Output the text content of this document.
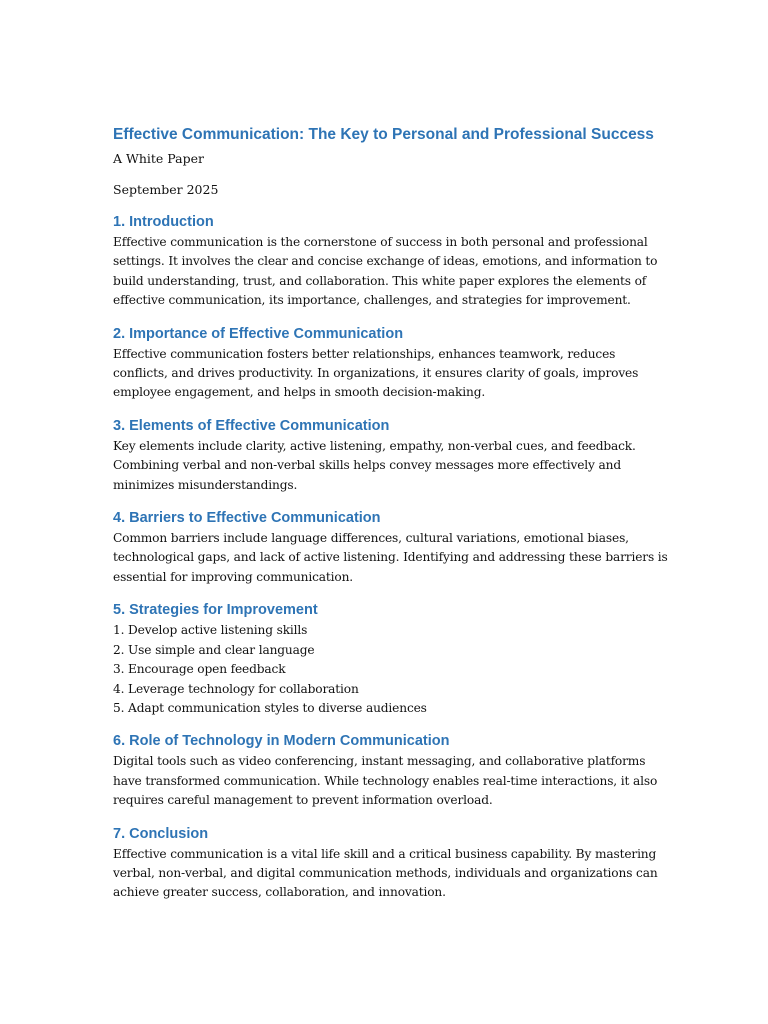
Effective Communication: The Key to Personal and Professional Success

A White Paper

September 2025

1. Introduction

Effective communication is the cornerstone of success in both personal and professional settings. It involves the clear and concise exchange of ideas, emotions, and information to build understanding, trust, and collaboration. This white paper explores the elements of effective communication, its importance, challenges, and strategies for improvement.

2. Importance of Effective Communication

Effective communication fosters better relationships, enhances teamwork, reduces conflicts, and drives productivity. In organizations, it ensures clarity of goals, improves employee engagement, and helps in smooth decision-making.

3. Elements of Effective Communication

Key elements include clarity, active listening, empathy, non-verbal cues, and feedback. Combining verbal and non-verbal skills helps convey messages more effectively and minimizes misunderstandings.

4. Barriers to Effective Communication

Common barriers include language differences, cultural variations, emotional biases, technological gaps, and lack of active listening. Identifying and addressing these barriers is essential for improving communication.

5. Strategies for Improvement
1. Develop active listening skills
2. Use simple and clear language
3. Encourage open feedback
4. Leverage technology for collaboration
5. Adapt communication styles to diverse audiences
6. Role of Technology in Modern Communication

Digital tools such as video conferencing, instant messaging, and collaborative platforms have transformed communication. While technology enables real-time interactions, it also requires careful management to prevent information overload.

7. Conclusion

Effective communication is a vital life skill and a critical business capability. By mastering verbal, non-verbal, and digital communication methods, individuals and organizations can achieve greater success, collaboration, and innovation.
